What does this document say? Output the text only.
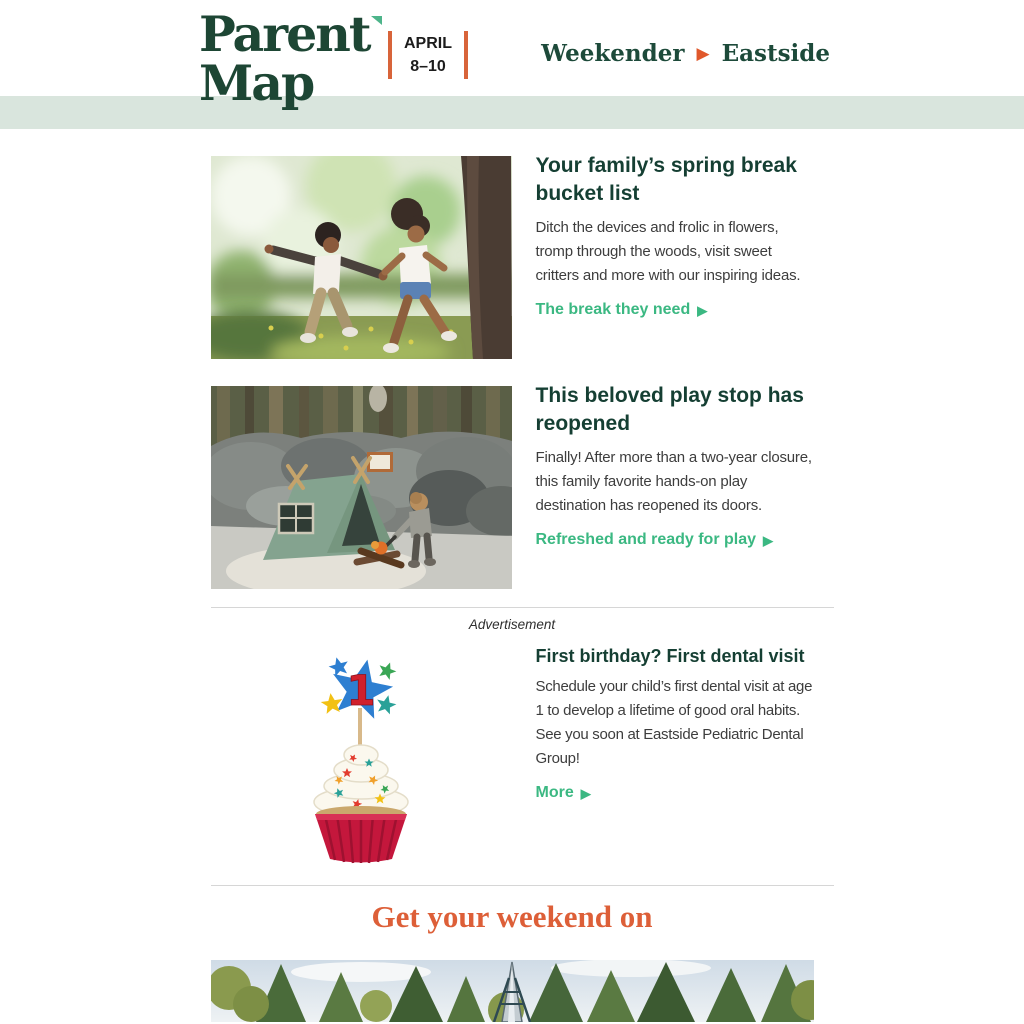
Parent

Map
APRIL
8–10	Weekender ▶ Eastside
Your family’s spring break bucket list

Ditch the devices and frolic in flowers, tromp through the woods, visit sweet critters and more with our inspiring ideas.

The break they need ▶
This beloved play stop has reopened

Finally! After more than a two-year closure, this family favorite hands-on play destination has reopened its doors.

Refreshed and ready for play ▶
Advertisement
1
First birthday? First dental visit

Schedule your child’s first dental visit at age 1 to develop a lifetime of good oral habits. See you soon at Eastside Pediatric Dental Group!

More ▶
Get your weekend on
